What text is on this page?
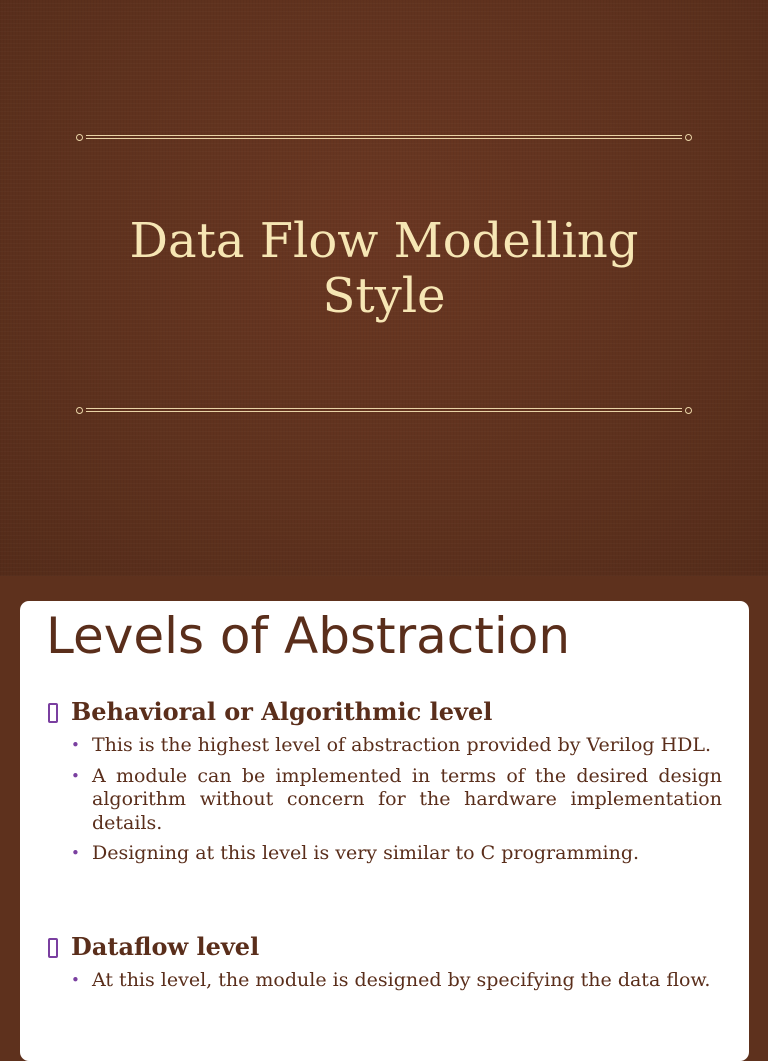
Data Flow Modelling
Style
Levels of Abstraction
Behavioral or Algorithmic level
• This is the highest level of abstraction provided by Verilog HDL.
• A module can be implemented in terms of the desired design algorithm without concern for the hardware implementation details.
• Designing at this level is very similar to C programming.
Dataflow level
• At this level, the module is designed by specifying the data flow.
